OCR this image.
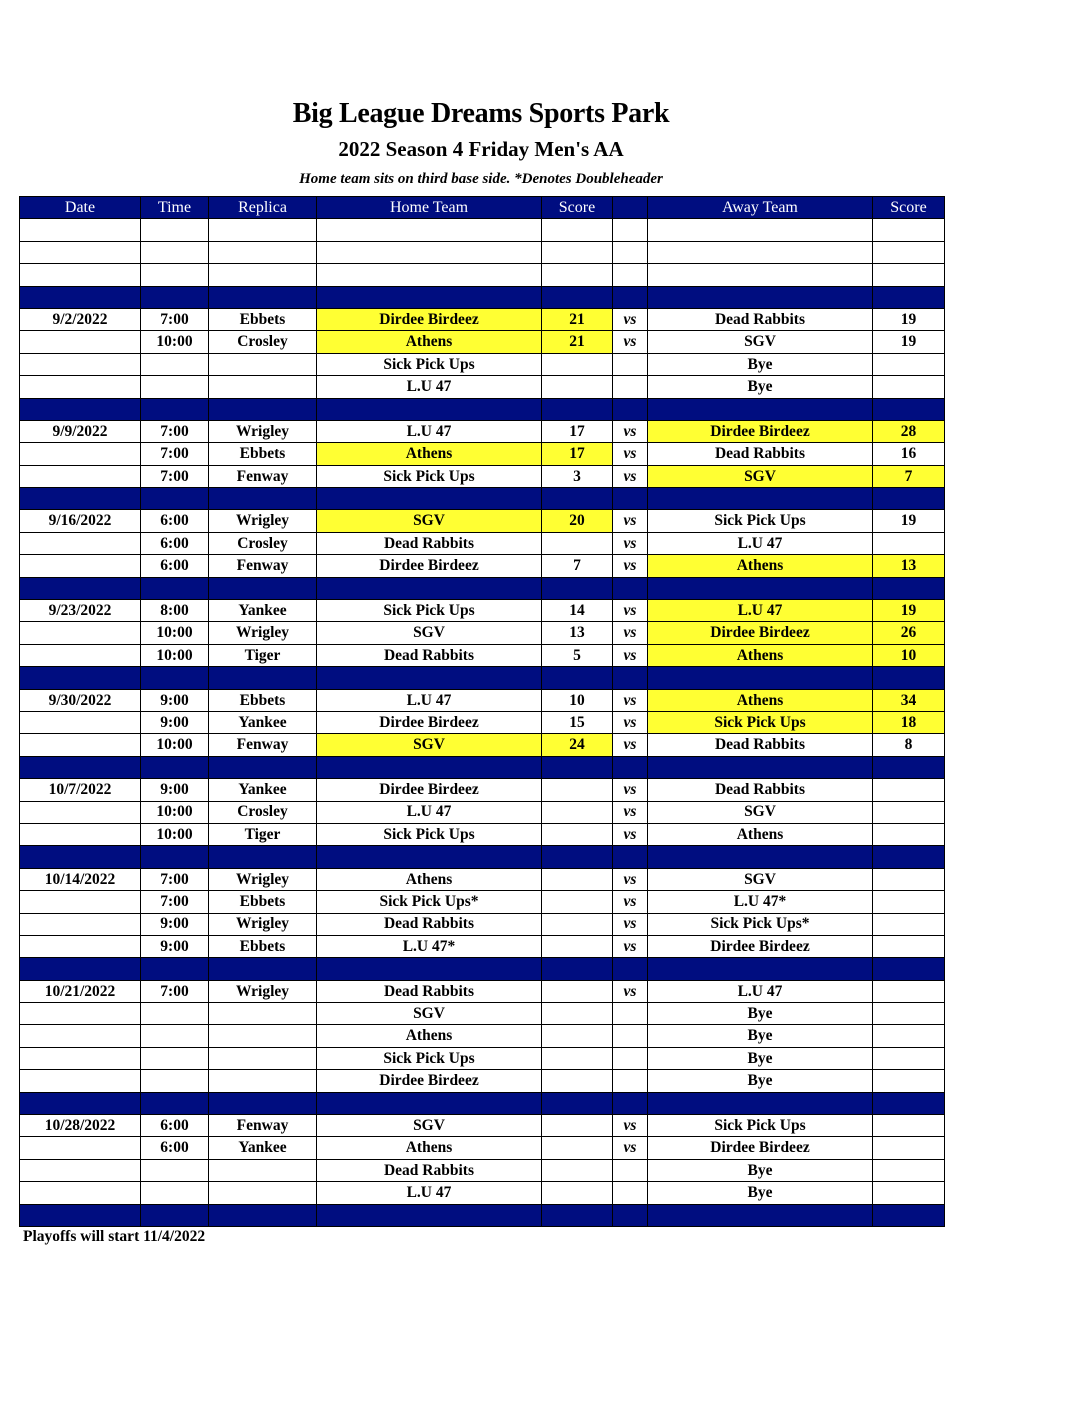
Big League Dreams Sports Park
2022 Season 4 Friday Men's AA
Home team sits on third base side. *Denotes Doubleheader
Date	Time	Replica	Home Team	Score		Away Team	Score

9/2/2022	7:00	Ebbets	Dirdee Birdeez	21	vs	Dead Rabbits	19
	10:00	Crosley	Athens	21	vs	SGV	19
			Sick Pick Ups			Bye	
			L.U 47			Bye	

9/9/2022	7:00	Wrigley	L.U 47	17	vs	Dirdee Birdeez	28
	7:00	Ebbets	Athens	17	vs	Dead Rabbits	16
	7:00	Fenway	Sick Pick Ups	3	vs	SGV	7

9/16/2022	6:00	Wrigley	SGV	20	vs	Sick Pick Ups	19
	6:00	Crosley	Dead Rabbits		vs	L.U 47	
	6:00	Fenway	Dirdee Birdeez	7	vs	Athens	13

9/23/2022	8:00	Yankee	Sick Pick Ups	14	vs	L.U 47	19
	10:00	Wrigley	SGV	13	vs	Dirdee Birdeez	26
	10:00	Tiger	Dead Rabbits	5	vs	Athens	10

9/30/2022	9:00	Ebbets	L.U 47	10	vs	Athens	34
	9:00	Yankee	Dirdee Birdeez	15	vs	Sick Pick Ups	18
	10:00	Fenway	SGV	24	vs	Dead Rabbits	8

10/7/2022	9:00	Yankee	Dirdee Birdeez		vs	Dead Rabbits	
	10:00	Crosley	L.U 47		vs	SGV	
	10:00	Tiger	Sick Pick Ups		vs	Athens	

10/14/2022	7:00	Wrigley	Athens		vs	SGV	
	7:00	Ebbets	Sick Pick Ups*		vs	L.U 47*	
	9:00	Wrigley	Dead Rabbits		vs	Sick Pick Ups*	
	9:00	Ebbets	L.U 47*		vs	Dirdee Birdeez	

10/21/2022	7:00	Wrigley	Dead Rabbits		vs	L.U 47	
			SGV			Bye	
			Athens			Bye	
			Sick Pick Ups			Bye	
			Dirdee Birdeez			Bye	

10/28/2022	6:00	Fenway	SGV		vs	Sick Pick Ups	
	6:00	Yankee	Athens		vs	Dirdee Birdeez	
			Dead Rabbits			Bye	
			L.U 47			Bye	

Playoffs will start 11/4/2022
